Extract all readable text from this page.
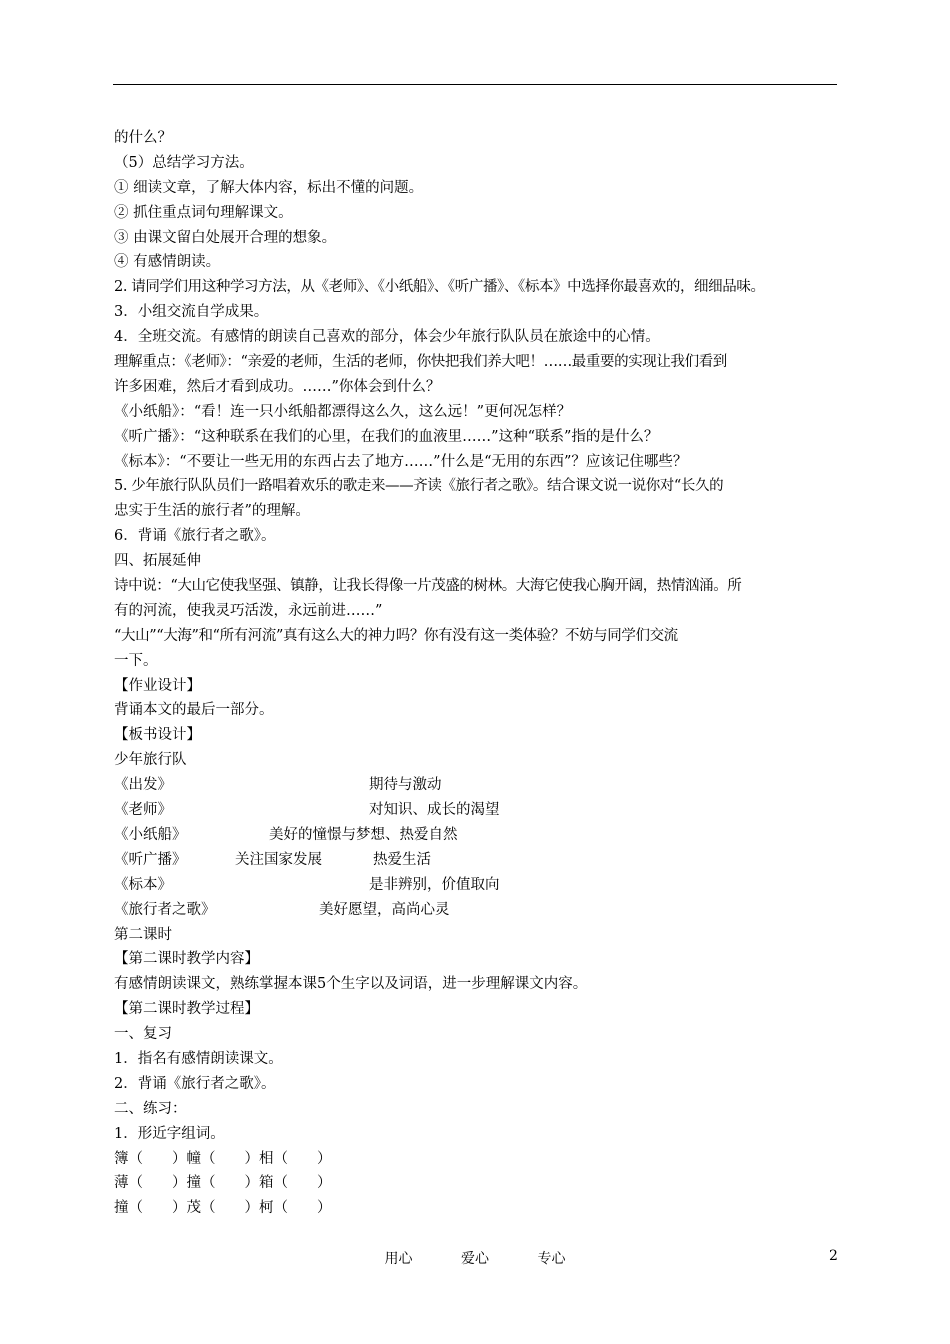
的什么？
（5）总结学习方法。
① 细读文章，了解大体内容，标出不懂的问题。
② 抓住重点词句理解课文。
③ 由课文留白处展开合理的想象。
④ 有感情朗读。
2. 请同学们用这种学习方法，从《老师》、《小纸船》、《听广播》、《标本》中选择你最喜欢的，细细品味。
3．小组交流自学成果。
4．全班交流。有感情的朗读自己喜欢的部分，体会少年旅行队队员在旅途中的心情。
理解重点：《老师》：“亲爱的老师，生活的老师，你快把我们养大吧！……最重要的实现让我们看到
许多困难，然后才看到成功。……”你体会到什么？
《小纸船》：“看！连一只小纸船都漂得这么久，这么远！”更何况怎样？
《听广播》：“这种联系在我们的心里，在我们的血液里……”这种“联系”指的是什么？
《标本》：“不要让一些无用的东西占去了地方……”什么是“无用的东西”？应该记住哪些？
5. 少年旅行队队员们一路唱着欢乐的歌走来——齐读《旅行者之歌》。结合课文说一说你对“长久的
忠实于生活的旅行者”的理解。
6．背诵《旅行者之歌》。
四、拓展延伸
诗中说：“大山它使我坚强、镇静，让我长得像一片茂盛的树林。大海它使我心胸开阔，热情汹涌。所
有的河流，使我灵巧活泼，永远前进……”
“大山”“大海”和“所有河流”真有这么大的神力吗？你有没有这一类体验？不妨与同学们交流
一下。
【作业设计】
背诵本文的最后一部分。
【板书设计】
少年旅行队
《出发》	期待与激动
《老师》	对知识、成长的渴望
《小纸船》	美好的憧憬与梦想、热爱自然
《听广播》	关注国家发展	热爱生活
《标本》	是非辨别，价值取向
《旅行者之歌》	美好愿望，高尚心灵
第二课时
【第二课时教学内容】
有感情朗读课文，熟练掌握本课5个生字以及词语，进一步理解课文内容。
【第二课时教学过程】
一、复习
1．指名有感情朗读课文。
2．背诵《旅行者之歌》。
二、练习：
1．形近字组词。
簿（　　）幢（　　）相（　　）
薄（　　）撞（　　）箱（　　）
撞（　　）茂（　　）柯（　　）
用心	爱心	专心	2
